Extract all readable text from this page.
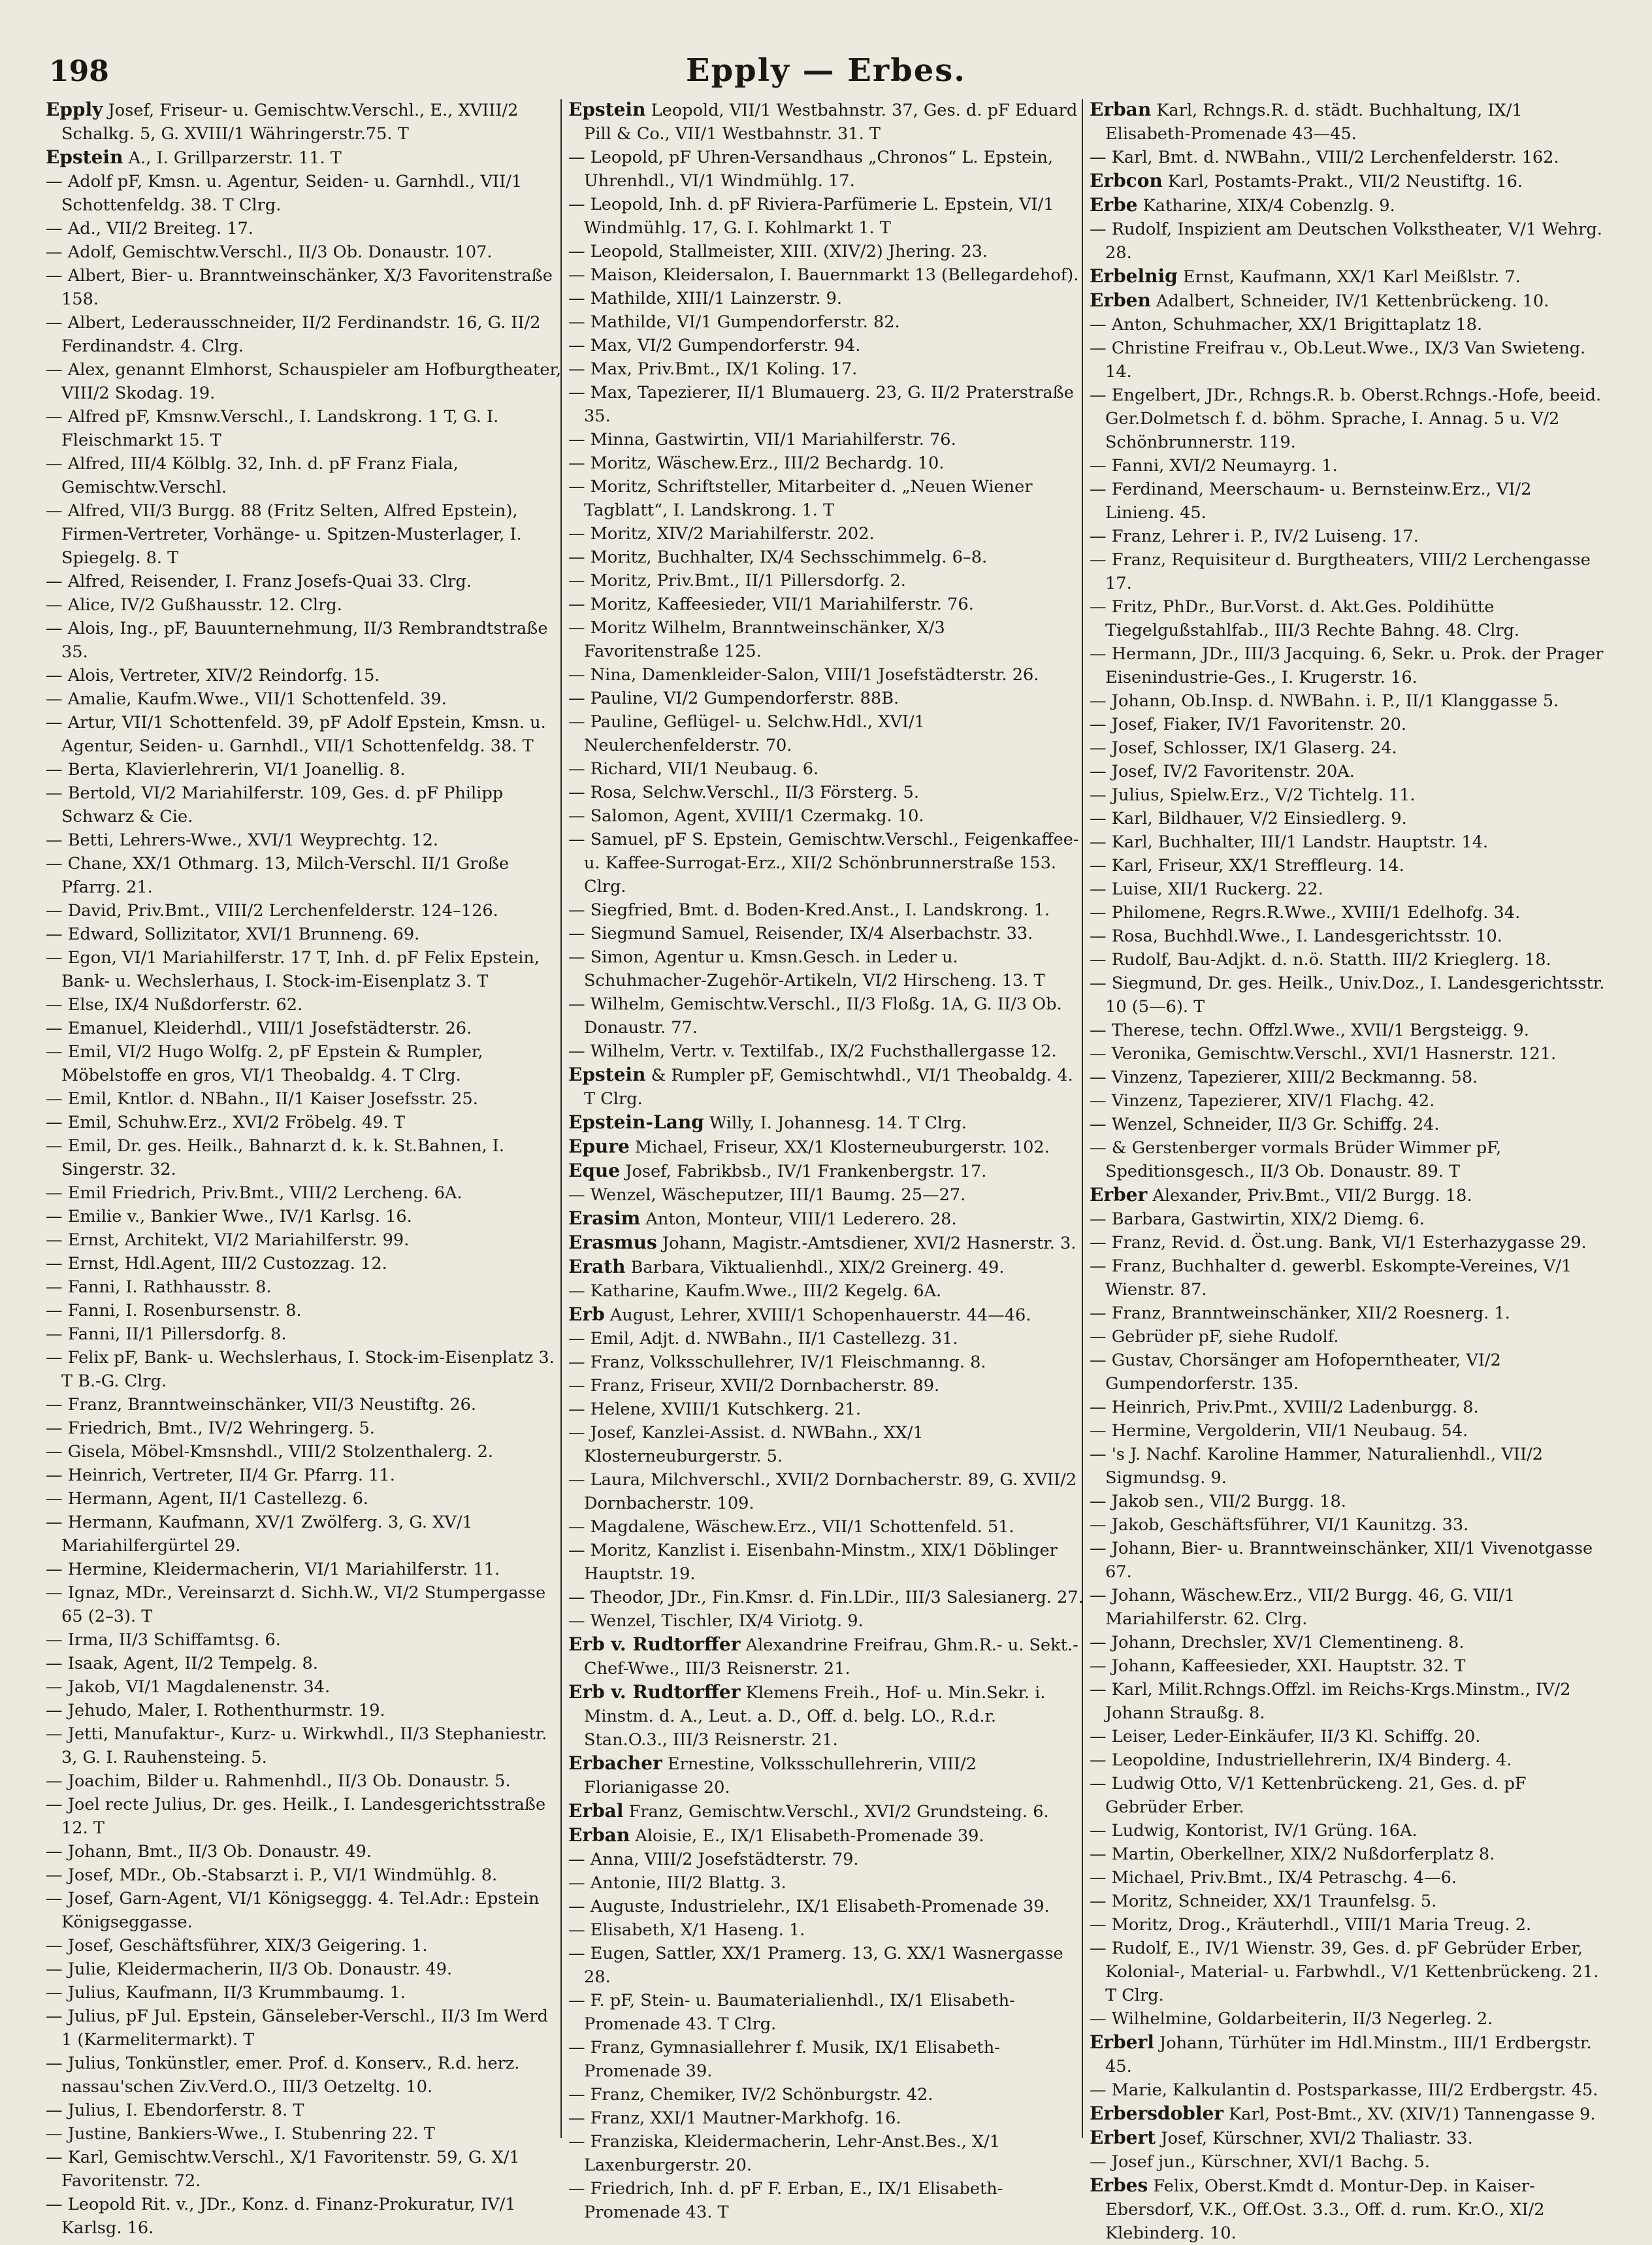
198	Epply — Erbes.
Epply Josef, Friseur- u. Gemischtw.Verschl., E., XVIII/2 Schalkg. 5, G. XVIII/1 Währingerstr.75. T
Epstein A., I. Grillparzerstr. 11. T
— Adolf pF, Kmsn. u. Agentur, Seiden- u. Garnhdl., VII/1 Schottenfeldg. 38. T Clrg.
— Ad., VII/2 Breiteg. 17.
— Adolf, Gemischtw.Verschl., II/3 Ob. Donaustr. 107.
— Albert, Bier- u. Branntweinschänker, X/3 Favoritenstraße 158.
— Albert, Lederausschneider, II/2 Ferdinandstr. 16, G. II/2 Ferdinandstr. 4. Clrg.
— Alex, genannt Elmhorst, Schauspieler am Hofburgtheater, VIII/2 Skodag. 19.
— Alfred pF, Kmsnw.Verschl., I. Landskrong. 1 T, G. I. Fleischmarkt 15. T
— Alfred, III/4 Kölblg. 32, Inh. d. pF Franz Fiala, Gemischtw.Verschl.
— Alfred, VII/3 Burgg. 88 (Fritz Selten, Alfred Epstein), Firmen-Vertreter, Vorhänge- u. Spitzen-Musterlager, I. Spiegelg. 8. T
— Alfred, Reisender, I. Franz Josefs-Quai 33. Clrg.
— Alice, IV/2 Gußhausstr. 12. Clrg.
— Alois, Ing., pF, Bauunternehmung, II/3 Rembrandtstraße 35.
— Alois, Vertreter, XIV/2 Reindorfg. 15.
— Amalie, Kaufm.Wwe., VII/1 Schottenfeld. 39.
— Artur, VII/1 Schottenfeld. 39, pF Adolf Epstein, Kmsn. u. Agentur, Seiden- u. Garnhdl., VII/1 Schottenfeldg. 38. T
— Berta, Klavierlehrerin, VI/1 Joanellig. 8.
— Bertold, VI/2 Mariahilferstr. 109, Ges. d. pF Philipp Schwarz & Cie.
— Betti, Lehrers-Wwe., XVI/1 Weyprechtg. 12.
— Chane, XX/1 Othmarg. 13, Milch-Verschl. II/1 Große Pfarrg. 21.
— David, Priv.Bmt., VIII/2 Lerchenfelderstr. 124–126.
— Edward, Sollizitator, XVI/1 Brunneng. 69.
— Egon, VI/1 Mariahilferstr. 17 T, Inh. d. pF Felix Epstein, Bank- u. Wechslerhaus, I. Stock-im-Eisenplatz 3. T
— Else, IX/4 Nußdorferstr. 62.
— Emanuel, Kleiderhdl., VIII/1 Josefstädterstr. 26.
— Emil, VI/2 Hugo Wolfg. 2, pF Epstein & Rumpler, Möbelstoffe en gros, VI/1 Theobaldg. 4. T Clrg.
— Emil, Kntlor. d. NBahn., II/1 Kaiser Josefsstr. 25.
— Emil, Schuhw.Erz., XVI/2 Fröbelg. 49. T
— Emil, Dr. ges. Heilk., Bahnarzt d. k. k. St.Bahnen, I. Singerstr. 32.
— Emil Friedrich, Priv.Bmt., VIII/2 Lercheng. 6A.
— Emilie v., Bankier Wwe., IV/1 Karlsg. 16.
— Ernst, Architekt, VI/2 Mariahilferstr. 99.
— Ernst, Hdl.Agent, III/2 Custozzag. 12.
— Fanni, I. Rathhausstr. 8.
— Fanni, I. Rosenbursenstr. 8.
— Fanni, II/1 Pillersdorfg. 8.
— Felix pF, Bank- u. Wechslerhaus, I. Stock-im-Eisenplatz 3. T B.-G. Clrg.
— Franz, Branntweinschänker, VII/3 Neustiftg. 26.
— Friedrich, Bmt., IV/2 Wehringerg. 5.
— Gisela, Möbel-Kmsnshdl., VIII/2 Stolzenthalerg. 2.
— Heinrich, Vertreter, II/4 Gr. Pfarrg. 11.
— Hermann, Agent, II/1 Castellezg. 6.
— Hermann, Kaufmann, XV/1 Zwölferg. 3, G. XV/1 Mariahilfergürtel 29.
— Hermine, Kleidermacherin, VI/1 Mariahilferstr. 11.
— Ignaz, MDr., Vereinsarzt d. Sichh.W., VI/2 Stumpergasse 65 (2–3). T
— Irma, II/3 Schiffamtsg. 6.
— Isaak, Agent, II/2 Tempelg. 8.
— Jakob, VI/1 Magdalenenstr. 34.
— Jehudo, Maler, I. Rothenthurmstr. 19.
— Jetti, Manufaktur-, Kurz- u. Wirkwhdl., II/3 Stephaniestr. 3, G. I. Rauhensteing. 5.
— Joachim, Bilder u. Rahmenhdl., II/3 Ob. Donaustr. 5.
— Joel recte Julius, Dr. ges. Heilk., I. Landesgerichtsstraße 12. T
— Johann, Bmt., II/3 Ob. Donaustr. 49.
— Josef, MDr., Ob.-Stabsarzt i. P., VI/1 Windmühlg. 8.
— Josef, Garn-Agent, VI/1 Königseggg. 4. Tel.Adr.: Epstein Königseggasse.
— Josef, Geschäftsführer, XIX/3 Geigering. 1.
— Julie, Kleidermacherin, II/3 Ob. Donaustr. 49.
— Julius, Kaufmann, II/3 Krummbaumg. 1.
— Julius, pF Jul. Epstein, Gänseleber-Verschl., II/3 Im Werd 1 (Karmelitermarkt). T
— Julius, Tonkünstler, emer. Prof. d. Konserv., R.d. herz. nassau'schen Ziv.Verd.O., III/3 Oetzeltg. 10.
— Julius, I. Ebendorferstr. 8. T
— Justine, Bankiers-Wwe., I. Stubenring 22. T
— Karl, Gemischtw.Verschl., X/1 Favoritenstr. 59, G. X/1 Favoritenstr. 72.
— Leopold Rit. v., JDr., Konz. d. Finanz-Prokuratur, IV/1 Karlsg. 16.
Epstein Leopold, VII/1 Westbahnstr. 37, Ges. d. pF Eduard Pill & Co., VII/1 Westbahnstr. 31. T
— Leopold, pF Uhren-Versandhaus „Chronos“ L. Epstein, Uhrenhdl., VI/1 Windmühlg. 17.
— Leopold, Inh. d. pF Riviera-Parfümerie L. Epstein, VI/1 Windmühlg. 17, G. I. Kohlmarkt 1. T
— Leopold, Stallmeister, XIII. (XIV/2) Jhering. 23.
— Maison, Kleidersalon, I. Bauernmarkt 13 (Bellegardehof).
— Mathilde, XIII/1 Lainzerstr. 9.
— Mathilde, VI/1 Gumpendorferstr. 82.
— Max, VI/2 Gumpendorferstr. 94.
— Max, Priv.Bmt., IX/1 Koling. 17.
— Max, Tapezierer, II/1 Blumauerg. 23, G. II/2 Praterstraße 35.
— Minna, Gastwirtin, VII/1 Mariahilferstr. 76.
— Moritz, Wäschew.Erz., III/2 Bechardg. 10.
— Moritz, Schriftsteller, Mitarbeiter d. „Neuen Wiener Tagblatt“, I. Landskrong. 1. T
— Moritz, XIV/2 Mariahilferstr. 202.
— Moritz, Buchhalter, IX/4 Sechsschimmelg. 6–8.
— Moritz, Priv.Bmt., II/1 Pillersdorfg. 2.
— Moritz, Kaffeesieder, VII/1 Mariahilferstr. 76.
— Moritz Wilhelm, Branntweinschänker, X/3 Favoritenstraße 125.
— Nina, Damenkleider-Salon, VIII/1 Josefstädterstr. 26.
— Pauline, VI/2 Gumpendorferstr. 88B.
— Pauline, Geflügel- u. Selchw.Hdl., XVI/1 Neulerchenfelderstr. 70.
— Richard, VII/1 Neubaug. 6.
— Rosa, Selchw.Verschl., II/3 Försterg. 5.
— Salomon, Agent, XVIII/1 Czermakg. 10.
— Samuel, pF S. Epstein, Gemischtw.Verschl., Feigenkaffee- u. Kaffee-Surrogat-Erz., XII/2 Schönbrunnerstraße 153. Clrg.
— Siegfried, Bmt. d. Boden-Kred.Anst., I. Landskrong. 1.
— Siegmund Samuel, Reisender, IX/4 Alserbachstr. 33.
— Simon, Agentur u. Kmsn.Gesch. in Leder u. Schuhmacher-Zugehör-Artikeln, VI/2 Hirscheng. 13. T
— Wilhelm, Gemischtw.Verschl., II/3 Floßg. 1A, G. II/3 Ob. Donaustr. 77.
— Wilhelm, Vertr. v. Textilfab., IX/2 Fuchsthallergasse 12.
Epstein & Rumpler pF, Gemischtwhdl., VI/1 Theobaldg. 4. T Clrg.
Epstein-Lang Willy, I. Johannesg. 14. T Clrg.
Epure Michael, Friseur, XX/1 Klosterneuburgerstr. 102.
Eque Josef, Fabrikbsb., IV/1 Frankenbergstr. 17.
— Wenzel, Wäscheputzer, III/1 Baumg. 25—27.
Erasim Anton, Monteur, VIII/1 Lederero. 28.
Erasmus Johann, Magistr.-Amtsdiener, XVI/2 Hasnerstr. 3.
Erath Barbara, Viktualienhdl., XIX/2 Greinerg. 49.
— Katharine, Kaufm.Wwe., III/2 Kegelg. 6A.
Erb August, Lehrer, XVIII/1 Schopenhauerstr. 44—46.
— Emil, Adjt. d. NWBahn., II/1 Castellezg. 31.
— Franz, Volksschullehrer, IV/1 Fleischmanng. 8.
— Franz, Friseur, XVII/2 Dornbacherstr. 89.
— Helene, XVIII/1 Kutschkerg. 21.
— Josef, Kanzlei-Assist. d. NWBahn., XX/1 Klosterneuburgerstr. 5.
— Laura, Milchverschl., XVII/2 Dornbacherstr. 89, G. XVII/2 Dornbacherstr. 109.
— Magdalene, Wäschew.Erz., VII/1 Schottenfeld. 51.
— Moritz, Kanzlist i. Eisenbahn-Minstm., XIX/1 Döblinger Hauptstr. 19.
— Theodor, JDr., Fin.Kmsr. d. Fin.LDir., III/3 Salesianerg. 27.
— Wenzel, Tischler, IX/4 Viriotg. 9.
Erb v. Rudtorffer Alexandrine Freifrau, Ghm.R.- u. Sekt.-Chef-Wwe., III/3 Reisnerstr. 21.
Erb v. Rudtorffer Klemens Freih., Hof- u. Min.Sekr. i. Minstm. d. A., Leut. a. D., Off. d. belg. LO., R.d.r. Stan.O.3., III/3 Reisnerstr. 21.
Erbacher Ernestine, Volksschullehrerin, VIII/2 Florianigasse 20.
Erbal Franz, Gemischtw.Verschl., XVI/2 Grundsteing. 6.
Erban Aloisie, E., IX/1 Elisabeth-Promenade 39.
— Anna, VIII/2 Josefstädterstr. 79.
— Antonie, III/2 Blattg. 3.
— Auguste, Industrielehr., IX/1 Elisabeth-Promenade 39.
— Elisabeth, X/1 Haseng. 1.
— Eugen, Sattler, XX/1 Pramerg. 13, G. XX/1 Wasnergasse 28.
— F. pF, Stein- u. Baumaterialienhdl., IX/1 Elisabeth-Promenade 43. T Clrg.
— Franz, Gymnasiallehrer f. Musik, IX/1 Elisabeth-Promenade 39.
— Franz, Chemiker, IV/2 Schönburgstr. 42.
— Franz, XXI/1 Mautner-Markhofg. 16.
— Franziska, Kleidermacherin, Lehr-Anst.Bes., X/1 Laxenburgerstr. 20.
— Friedrich, Inh. d. pF F. Erban, E., IX/1 Elisabeth-Promenade 43. T
Erban Karl, Rchngs.R. d. städt. Buchhaltung, IX/1 Elisabeth-Promenade 43—45.
— Karl, Bmt. d. NWBahn., VIII/2 Lerchenfelderstr. 162.
Erbcon Karl, Postamts-Prakt., VII/2 Neustiftg. 16.
Erbe Katharine, XIX/4 Cobenzlg. 9.
— Rudolf, Inspizient am Deutschen Volkstheater, V/1 Wehrg. 28.
Erbelnig Ernst, Kaufmann, XX/1 Karl Meißlstr. 7.
Erben Adalbert, Schneider, IV/1 Kettenbrückeng. 10.
— Anton, Schuhmacher, XX/1 Brigittaplatz 18.
— Christine Freifrau v., Ob.Leut.Wwe., IX/3 Van Swieteng. 14.
— Engelbert, JDr., Rchngs.R. b. Oberst.Rchngs.-Hofe, beeid. Ger.Dolmetsch f. d. böhm. Sprache, I. Annag. 5 u. V/2 Schönbrunnerstr. 119.
— Fanni, XVI/2 Neumayrg. 1.
— Ferdinand, Meerschaum- u. Bernsteinw.Erz., VI/2 Linieng. 45.
— Franz, Lehrer i. P., IV/2 Luiseng. 17.
— Franz, Requisiteur d. Burgtheaters, VIII/2 Lerchengasse 17.
— Fritz, PhDr., Bur.Vorst. d. Akt.Ges. Poldihütte Tiegelgußstahlfab., III/3 Rechte Bahng. 48. Clrg.
— Hermann, JDr., III/3 Jacquing. 6, Sekr. u. Prok. der Prager Eisenindustrie-Ges., I. Krugerstr. 16.
— Johann, Ob.Insp. d. NWBahn. i. P., II/1 Klanggasse 5.
— Josef, Fiaker, IV/1 Favoritenstr. 20.
— Josef, Schlosser, IX/1 Glaserg. 24.
— Josef, IV/2 Favoritenstr. 20A.
— Julius, Spielw.Erz., V/2 Tichtelg. 11.
— Karl, Bildhauer, V/2 Einsiedlerg. 9.
— Karl, Buchhalter, III/1 Landstr. Hauptstr. 14.
— Karl, Friseur, XX/1 Streffleurg. 14.
— Luise, XII/1 Ruckerg. 22.
— Philomene, Regrs.R.Wwe., XVIII/1 Edelhofg. 34.
— Rosa, Buchhdl.Wwe., I. Landesgerichtsstr. 10.
— Rudolf, Bau-Adjkt. d. n.ö. Statth. III/2 Krieglerg. 18.
— Siegmund, Dr. ges. Heilk., Univ.Doz., I. Landesgerichtsstr. 10 (5—6). T
— Therese, techn. Offzl.Wwe., XVII/1 Bergsteigg. 9.
— Veronika, Gemischtw.Verschl., XVI/1 Hasnerstr. 121.
— Vinzenz, Tapezierer, XIII/2 Beckmanng. 58.
— Vinzenz, Tapezierer, XIV/1 Flachg. 42.
— Wenzel, Schneider, II/3 Gr. Schiffg. 24.
— & Gerstenberger vormals Brüder Wimmer pF, Speditionsgesch., II/3 Ob. Donaustr. 89. T
Erber Alexander, Priv.Bmt., VII/2 Burgg. 18.
— Barbara, Gastwirtin, XIX/2 Diemg. 6.
— Franz, Revid. d. Öst.ung. Bank, VI/1 Esterhazygasse 29.
— Franz, Buchhalter d. gewerbl. Eskompte-Vereines, V/1 Wienstr. 87.
— Franz, Branntweinschänker, XII/2 Roesnerg. 1.
— Gebrüder pF, siehe Rudolf.
— Gustav, Chorsänger am Hofoperntheater, VI/2 Gumpendorferstr. 135.
— Heinrich, Priv.Pmt., XVIII/2 Ladenburgg. 8.
— Hermine, Vergolderin, VII/1 Neubaug. 54.
— 's J. Nachf. Karoline Hammer, Naturalienhdl., VII/2 Sigmundsg. 9.
— Jakob sen., VII/2 Burgg. 18.
— Jakob, Geschäftsführer, VI/1 Kaunitzg. 33.
— Johann, Bier- u. Branntweinschänker, XII/1 Vivenotgasse 67.
— Johann, Wäschew.Erz., VII/2 Burgg. 46, G. VII/1 Mariahilferstr. 62. Clrg.
— Johann, Drechsler, XV/1 Clementineng. 8.
— Johann, Kaffeesieder, XXI. Hauptstr. 32. T
— Karl, Milit.Rchngs.Offzl. im Reichs-Krgs.Minstm., IV/2 Johann Straußg. 8.
— Leiser, Leder-Einkäufer, II/3 Kl. Schiffg. 20.
— Leopoldine, Industriellehrerin, IX/4 Binderg. 4.
— Ludwig Otto, V/1 Kettenbrückeng. 21, Ges. d. pF Gebrüder Erber.
— Ludwig, Kontorist, IV/1 Grüng. 16A.
— Martin, Oberkellner, XIX/2 Nußdorferplatz 8.
— Michael, Priv.Bmt., IX/4 Petraschg. 4—6.
— Moritz, Schneider, XX/1 Traunfelsg. 5.
— Moritz, Drog., Kräuterhdl., VIII/1 Maria Treug. 2.
— Rudolf, E., IV/1 Wienstr. 39, Ges. d. pF Gebrüder Erber, Kolonial-, Material- u. Farbwhdl., V/1 Kettenbrückeng. 21. T Clrg.
— Wilhelmine, Goldarbeiterin, II/3 Negerleg. 2.
Erberl Johann, Türhüter im Hdl.Minstm., III/1 Erdbergstr. 45.
— Marie, Kalkulantin d. Postsparkasse, III/2 Erdbergstr. 45.
Erbersdobler Karl, Post-Bmt., XV. (XIV/1) Tannengasse 9.
Erbert Josef, Kürschner, XVI/2 Thaliastr. 33.
— Josef jun., Kürschner, XVI/1 Bachg. 5.
Erbes Felix, Oberst.Kmdt d. Montur-Dep. in Kaiser-Ebersdorf, V.K., Off.Ost. 3.3., Off. d. rum. Kr.O., XI/2 Klebinderg. 10.
